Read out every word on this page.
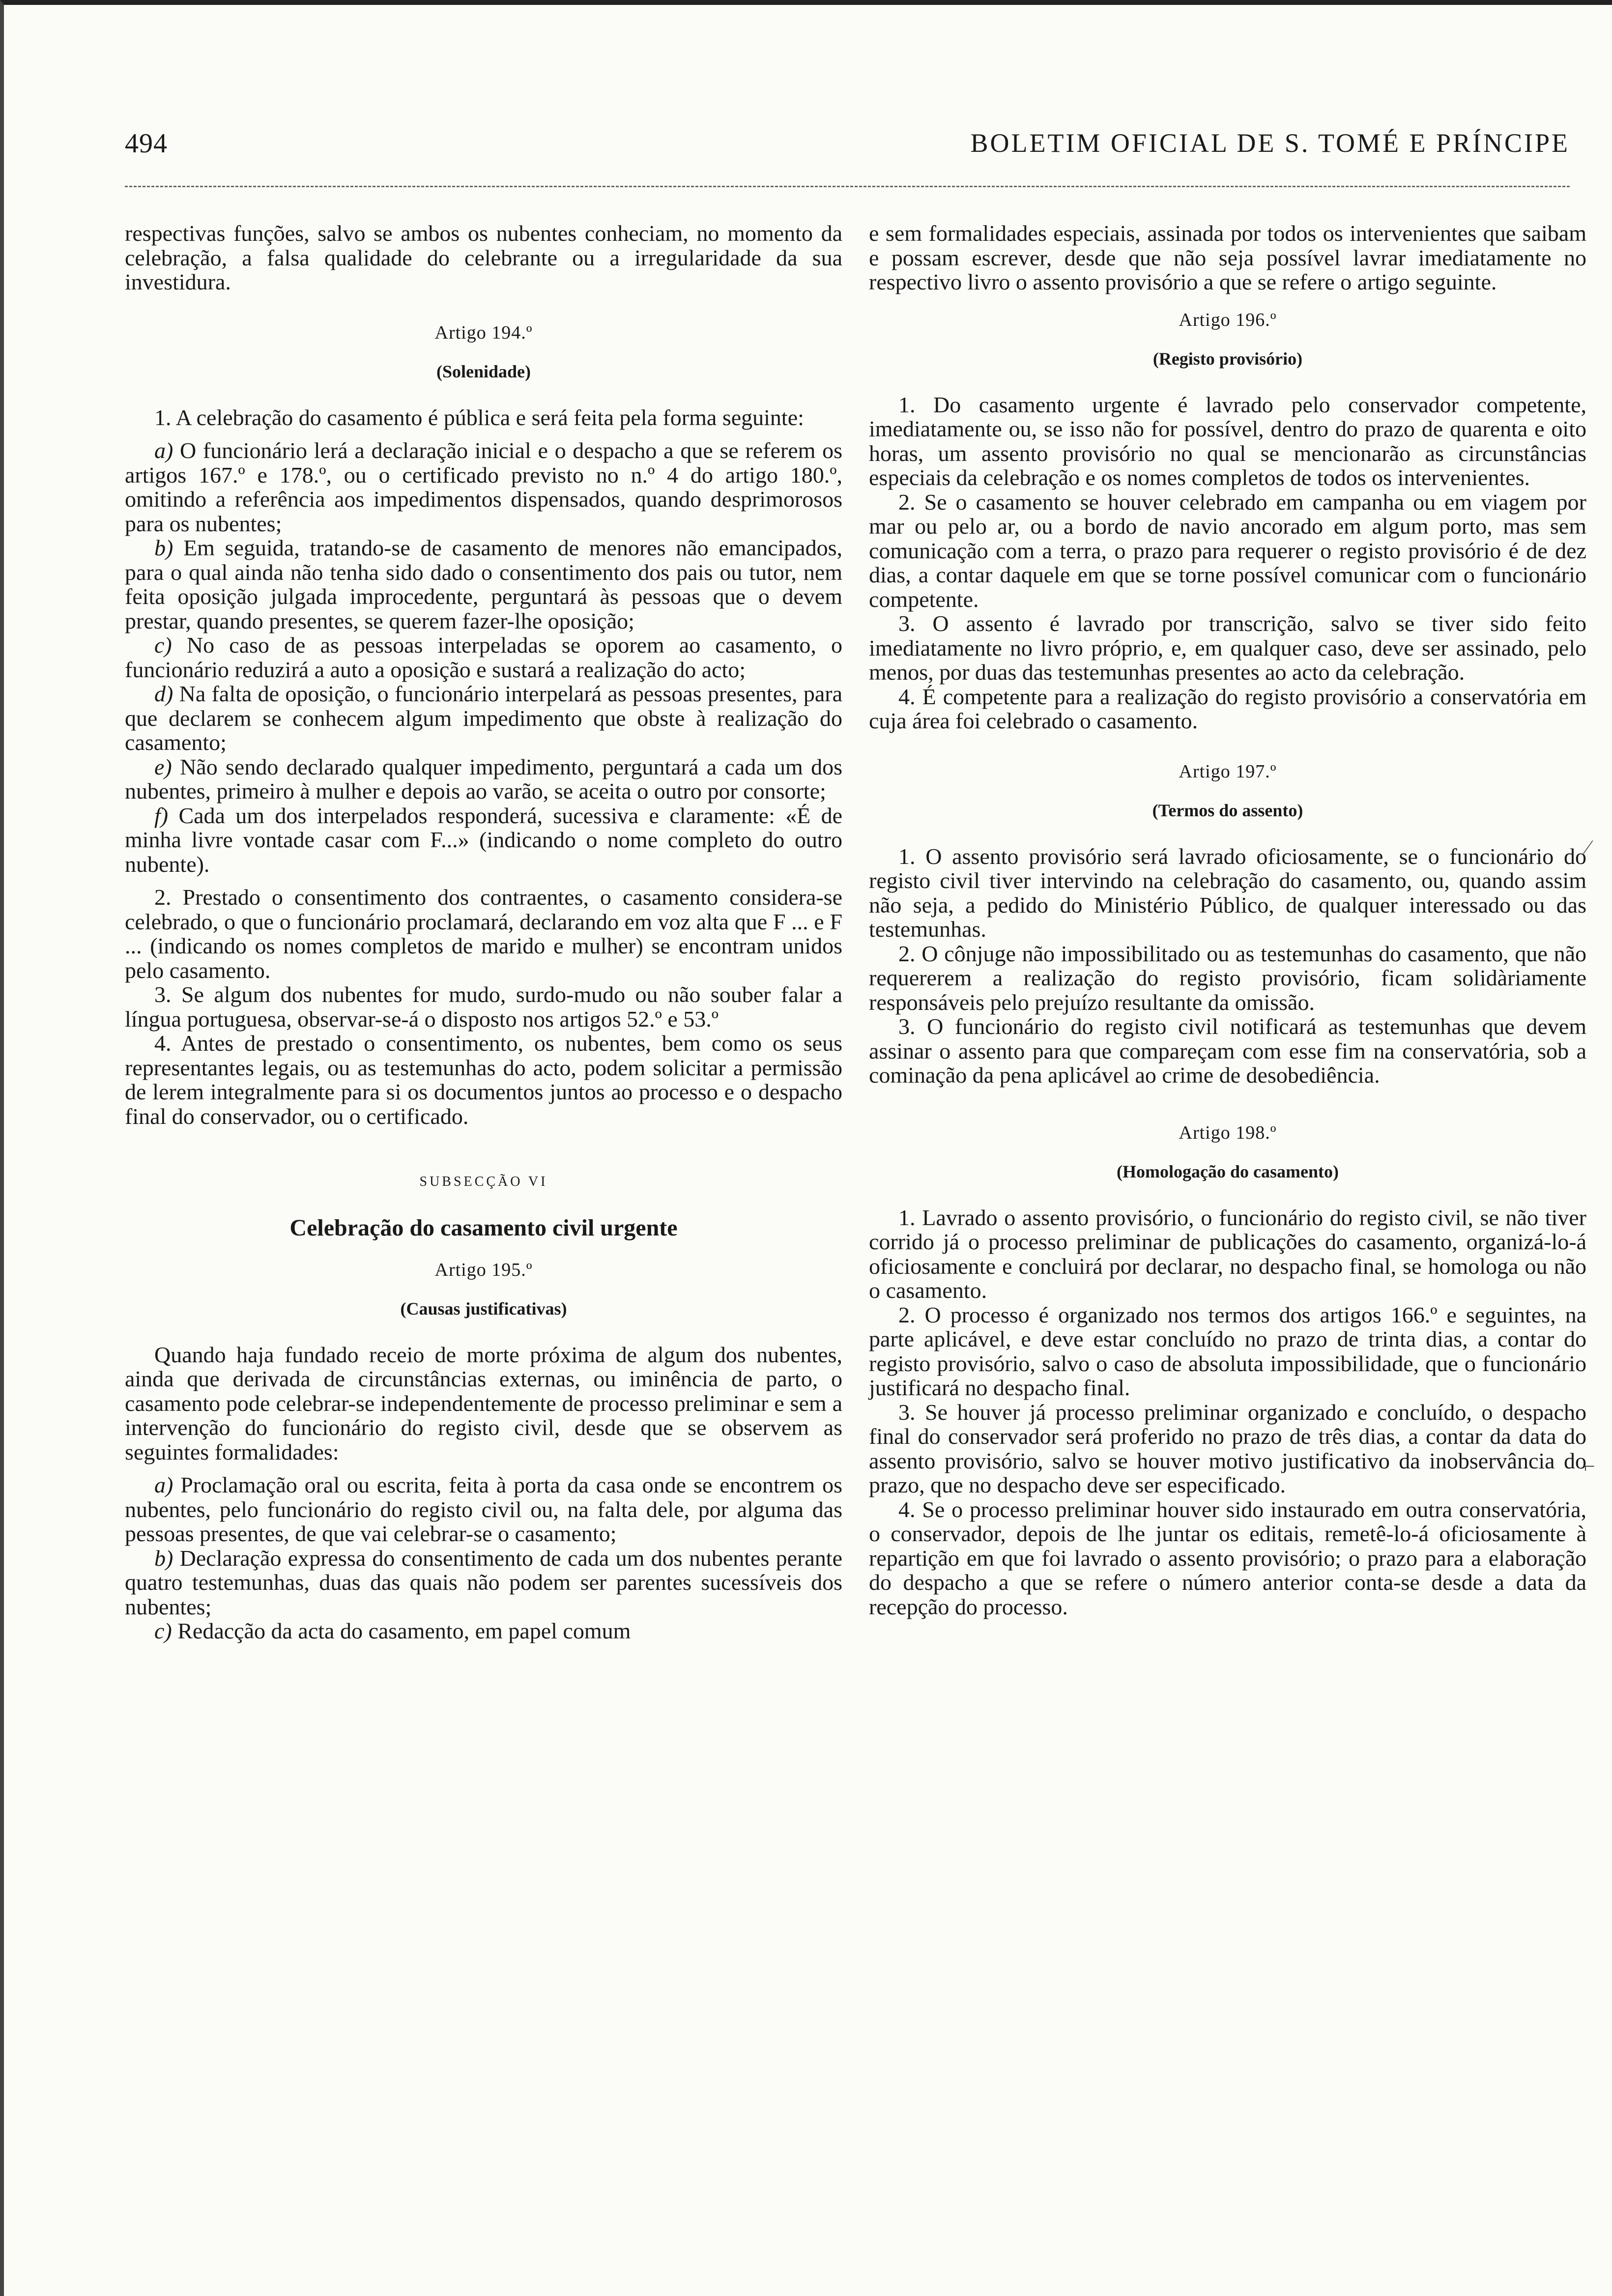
494	BOLETIM OFICIAL DE S. TOMÉ E PRÍNCIPE

respectivas funções, salvo se ambos os nubentes conheciam, no momento da celebração, a falsa qualidade do celebrante ou a irregularidade da sua investidura.

Artigo 194.º
(Solenidade)

1. A celebração do casamento é pública e será feita pela forma seguinte:

a) O funcionário lerá a declaração inicial e o despacho a que se referem os artigos 167.º e 178.º, ou o certificado previsto no n.º 4 do artigo 180.º, omitindo a referência aos impedimentos dispensados, quando desprimorosos para os nubentes;

b) Em seguida, tratando-se de casamento de menores não emancipados, para o qual ainda não tenha sido dado o consentimento dos pais ou tutor, nem feita oposição julgada improcedente, perguntará às pessoas que o devem prestar, quando presentes, se querem fazer-lhe oposição;

c) No caso de as pessoas interpeladas se oporem ao casamento, o funcionário reduzirá a auto a oposição e sustará a realização do acto;

d) Na falta de oposição, o funcionário interpelará as pessoas presentes, para que declarem se conhecem algum impedimento que obste à realização do casamento;

e) Não sendo declarado qualquer impedimento, perguntará a cada um dos nubentes, primeiro à mulher e depois ao varão, se aceita o outro por consorte;

f) Cada um dos interpelados responderá, sucessiva e claramente: «É de minha livre vontade casar com F...» (indicando o nome completo do outro nubente).

2. Prestado o consentimento dos contraentes, o casamento considera-se celebrado, o que o funcionário proclamará, declarando em voz alta que F ... e F ... (indicando os nomes completos de marido e mulher) se encontram unidos pelo casamento.

3. Se algum dos nubentes for mudo, surdo-mudo ou não souber falar a língua portuguesa, observar-se-á o disposto nos artigos 52.º e 53.º

4. Antes de prestado o consentimento, os nubentes, bem como os seus representantes legais, ou as testemunhas do acto, podem solicitar a permissão de lerem integralmente para si os documentos juntos ao processo e o despacho final do conservador, ou o certificado.

SUBSECÇÃO VI
Celebração do casamento civil urgente
Artigo 195.º
(Causas justificativas)

Quando haja fundado receio de morte próxima de algum dos nubentes, ainda que derivada de circunstâncias externas, ou iminência de parto, o casamento pode celebrar-se independentemente de processo preliminar e sem a intervenção do funcionário do registo civil, desde que se observem as seguintes formalidades:

a) Proclamação oral ou escrita, feita à porta da casa onde se encontrem os nubentes, pelo funcionário do registo civil ou, na falta dele, por alguma das pessoas presentes, de que vai celebrar-se o casamento;

b) Declaração expressa do consentimento de cada um dos nubentes perante quatro testemunhas, duas das quais não podem ser parentes sucessíveis dos nubentes;

c) Redacção da acta do casamento, em papel comum

e sem formalidades especiais, assinada por todos os intervenientes que saibam e possam escrever, desde que não seja possível lavrar imediatamente no respectivo livro o assento provisório a que se refere o artigo seguinte.

Artigo 196.º
(Registo provisório)

1. Do casamento urgente é lavrado pelo conservador competente, imediatamente ou, se isso não for possível, dentro do prazo de quarenta e oito horas, um assento provisório no qual se mencionarão as circunstâncias especiais da celebração e os nomes completos de todos os intervenientes.

2. Se o casamento se houver celebrado em campanha ou em viagem por mar ou pelo ar, ou a bordo de navio ancorado em algum porto, mas sem comunicação com a terra, o prazo para requerer o registo provisório é de dez dias, a contar daquele em que se torne possível comunicar com o funcionário competente.

3. O assento é lavrado por transcrição, salvo se tiver sido feito imediatamente no livro próprio, e, em qualquer caso, deve ser assinado, pelo menos, por duas das testemunhas presentes ao acto da celebração.

4. É competente para a realização do registo provisório a conservatória em cuja área foi celebrado o casamento.

Artigo 197.º
(Termos do assento)

1. O assento provisório será lavrado oficiosamente, se o funcionário do registo civil tiver intervindo na celebração do casamento, ou, quando assim não seja, a pedido do Ministério Público, de qualquer interessado ou das testemunhas.

2. O cônjuge não impossibilitado ou as testemunhas do casamento, que não requererem a realização do registo provisório, ficam solidàriamente responsáveis pelo prejuízo resultante da omissão.

3. O funcionário do registo civil notificará as testemunhas que devem assinar o assento para que compareçam com esse fim na conservatória, sob a cominação da pena aplicável ao crime de desobediência.

Artigo 198.º
(Homologação do casamento)

1. Lavrado o assento provisório, o funcionário do registo civil, se não tiver corrido já o processo preliminar de publicações do casamento, organizá-lo-á oficiosamente e concluirá por declarar, no despacho final, se homologa ou não o casamento.

2. O processo é organizado nos termos dos artigos 166.º e seguintes, na parte aplicável, e deve estar concluído no prazo de trinta dias, a contar do registo provisório, salvo o caso de absoluta impossibilidade, que o funcionário justificará no despacho final.

3. Se houver já processo preliminar organizado e concluído, o despacho final do conservador será proferido no prazo de três dias, a contar da data do assento provisório, salvo se houver motivo justificativo da inobservância do prazo, que no despacho deve ser especificado.

4. Se o processo preliminar houver sido instaurado em outra conservatória, o conservador, depois de lhe juntar os editais, remetê-lo-á oficiosamente à repartição em que foi lavrado o assento provisório; o prazo para a elaboração do despacho a que se refere o número anterior conta-se desde a data da recepção do processo.

⁄
⌐
